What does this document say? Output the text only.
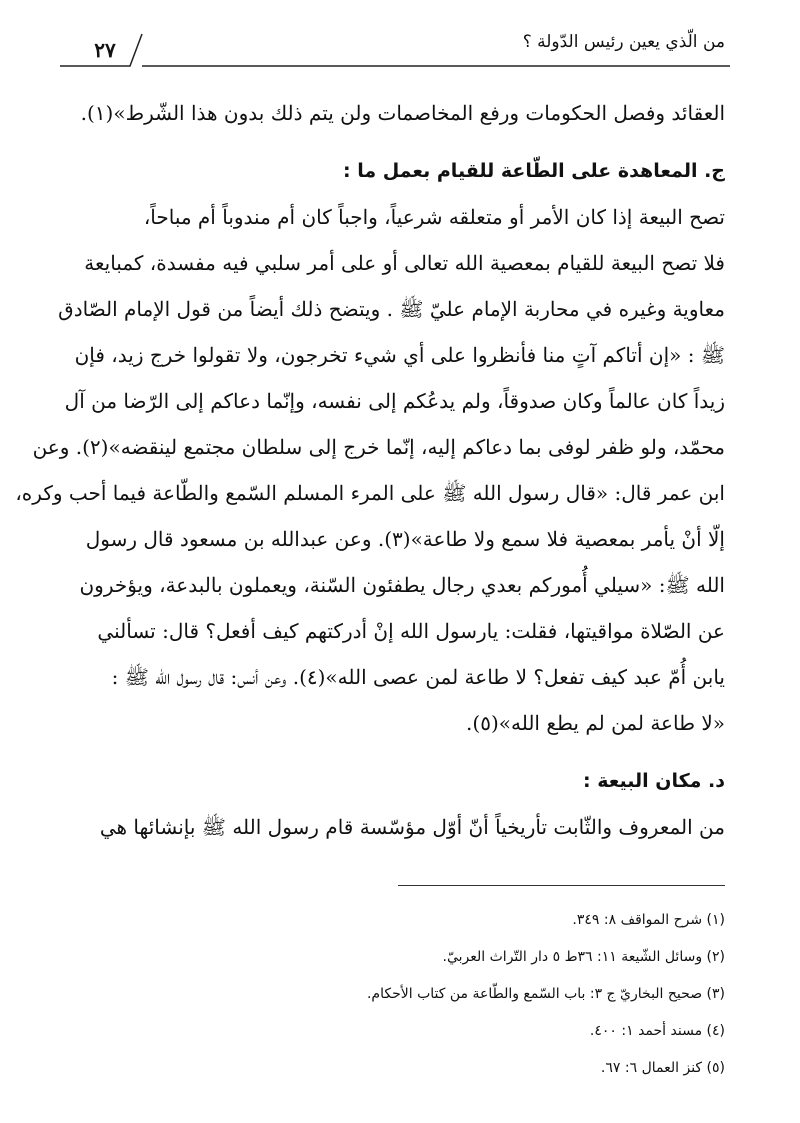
من الّذي يعين رئيس الدّولة ؟
٢٧
العقائد وفصل الحكومات ورفع المخاصمات ولن يتم ذلك بدون هذا الشّرط»(١).
ج. المعاهدة على الطّاعة للقيام بعمل ما :
تصح البيعة إذا كان الأمر أو متعلقه شرعياً، واجباً كان أم مندوباً أم مباحاً،
فلا تصح البيعة للقيام بمعصية الله تعالى أو على أمر سلبي فيه مفسدة، كمبايعة
معاوية وغيره في محاربة الإمام عليّ ﷺ . ويتضح ذلك أيضاً من قول الإمام الصّادق
ﷺ : «إن أتاكم آتٍ منا فأنظروا على أي شيء تخرجون، ولا تقولوا خرج زيد، فإن
زيداً كان عالماً وكان صدوقاً، ولم يدعُكم إلى نفسه، وإنّما دعاكم إلى الرّضا من آل
محمّد، ولو ظفر لوفى بما دعاكم إليه، إنّما خرج إلى سلطان مجتمع لينقضه»(٢). وعن
ابن عمر قال: «قال رسول الله ﷺ على المرء المسلم السّمع والطّاعة فيما أحب وكره،
إلّا أنْ يأمر بمعصية فلا سمع ولا طاعة»(٣). وعن عبدالله بن مسعود قال رسول
الله ﷺ: «سيلي أُموركم بعدي رجال يطفئون السّنة، ويعملون بالبدعة، ويؤخرون
عن الصّلاة مواقيتها، فقلت: يارسول الله إنْ أدركتهم كيف أفعل؟ قال: تسألني
يابن أُمّ عبد كيف تفعل؟ لا طاعة لمن عصى الله»(٤). وعن أنس: قال رسول الله ﷺ :
«لا طاعة لمن لم يطع الله»(٥).
د. مكان البيعة :
من المعروف والثّابت تأريخياً أنّ أوّل مؤسّسة قام رسول الله ﷺ بإنشائها هي
(١) شرح المواقف ٨: ٣٤٩.
(٢) وسائل الشّيعة ١١: ٣٦ط ٥ دار التّراث العربيّ.
(٣) صحيح البخاريّ ج ٣: باب السّمع والطّاعة من كتاب الأحكام.
(٤) مسند أحمد ١: ٤٠٠.
(٥) كنز العمال ٦: ٦٧.
